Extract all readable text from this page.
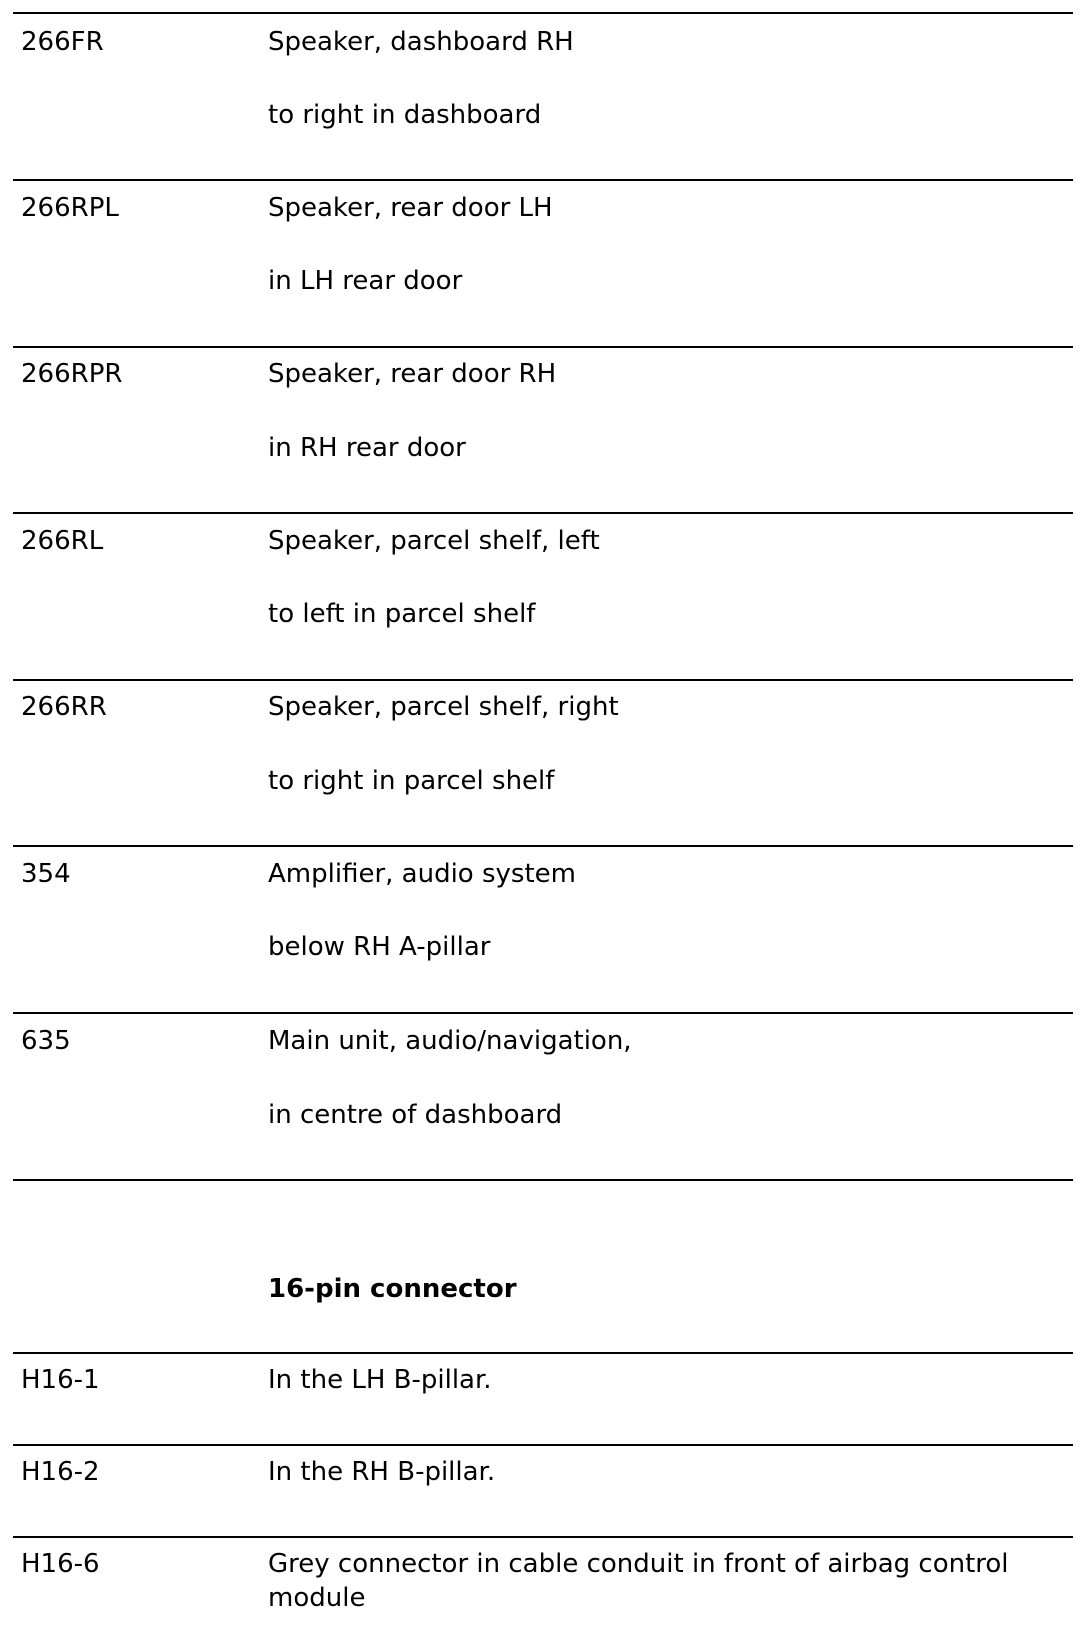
266FR	Speaker, dashboard RH
to right in dashboard
266RPL	Speaker, rear door LH
in LH rear door
266RPR	Speaker, rear door RH
in RH rear door
266RL	Speaker, parcel shelf, left
to left in parcel shelf
266RR	Speaker, parcel shelf, right
to right in parcel shelf
354	Amplifier, audio system
below RH A-pillar
635	Main unit, audio/navigation,
in centre of dashboard
16-pin connector
H16-1	In the LH B-pillar.
H16-2	In the RH B-pillar.
H16-6	Grey connector in cable conduit in front of airbag control module
